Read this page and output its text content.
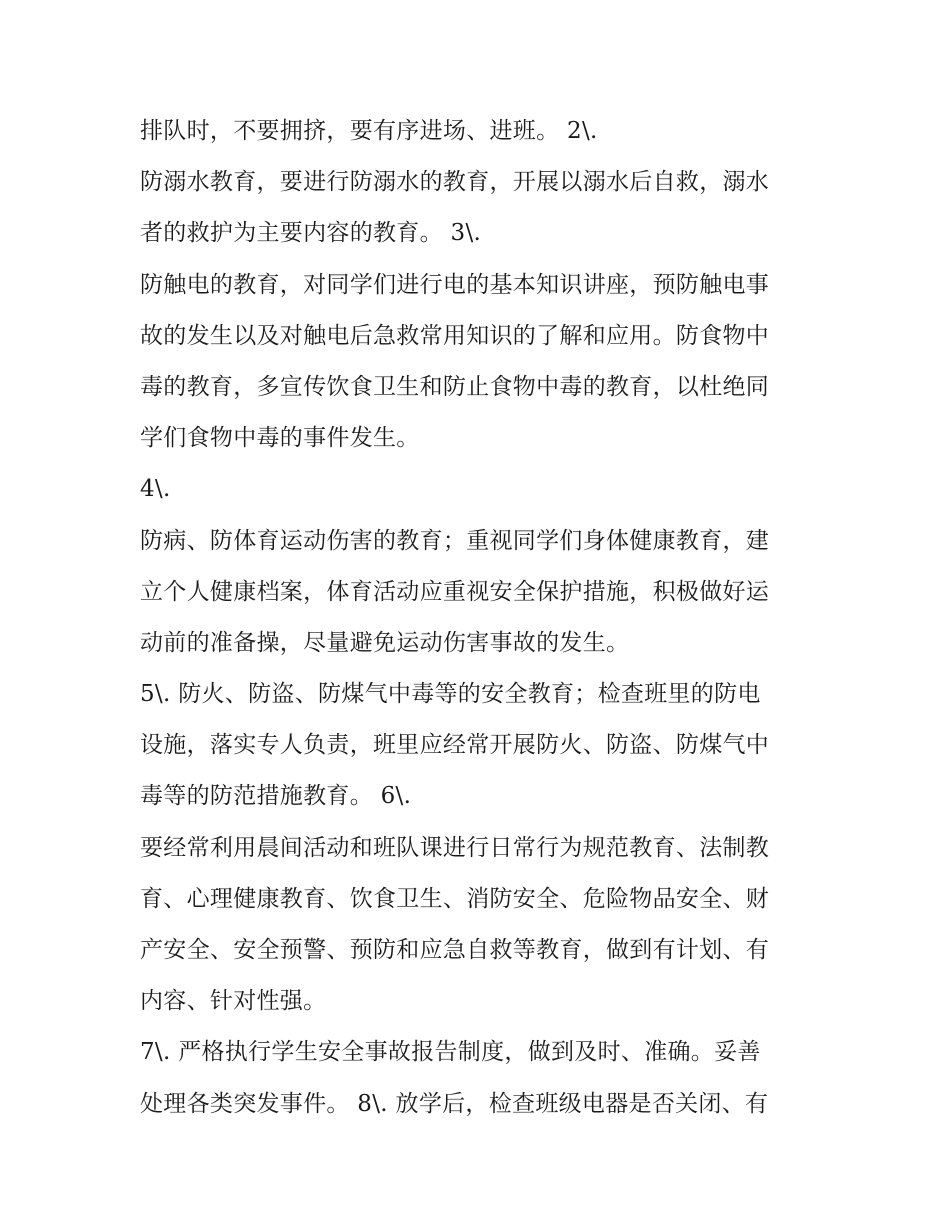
排队时，不要拥挤，要有序进场、进班。 2\.
防溺水教育，要进行防溺水的教育，开展以溺水后自救，溺水
者的救护为主要内容的教育。 3\.
防触电的教育，对同学们进行电的基本知识讲座，预防触电事
故的发生以及对触电后急救常用知识的了解和应用。防食物中
毒的教育，多宣传饮食卫生和防止食物中毒的教育，以杜绝同
学们食物中毒的事件发生。
4\.
防病、防体育运动伤害的教育；重视同学们身体健康教育，建
立个人健康档案，体育活动应重视安全保护措施，积极做好运
动前的准备操，尽量避免运动伤害事故的发生。
5\. 防火、防盗、防煤气中毒等的安全教育；检查班里的防电
设施，落实专人负责，班里应经常开展防火、防盗、防煤气中
毒等的防范措施教育。 6\.
要经常利用晨间活动和班队课进行日常行为规范教育、法制教
育、心理健康教育、饮食卫生、消防安全、危险物品安全、财
产安全、安全预警、预防和应急自救等教育，做到有计划、有
内容、针对性强。
7\. 严格执行学生安全事故报告制度，做到及时、准确。妥善
处理各类突发事件。 8\. 放学后，检查班级电器是否关闭、有
